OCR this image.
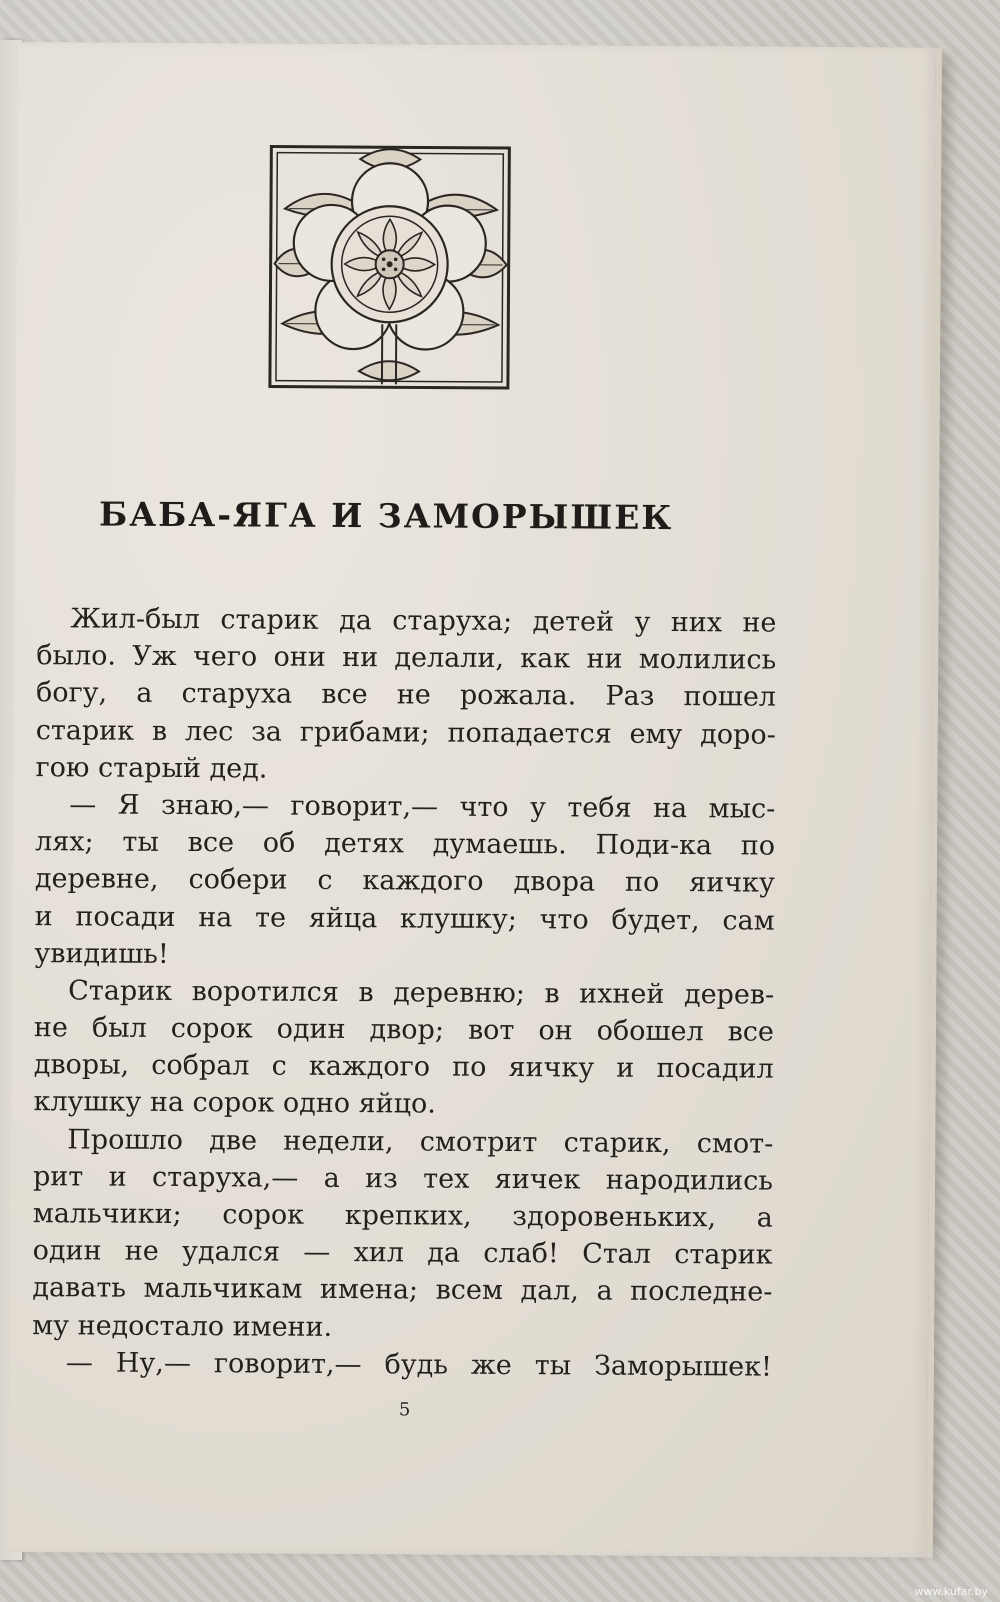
БАБА-ЯГА И ЗАМОРЫШЕК
Жил-был старик да старуха; детей у них не
было. Уж чего они ни делали, как ни молились
богу, а старуха все не рожала. Раз пошел
старик в лес за грибами; попадается ему доро-
гою старый дед.
— Я знаю,— говорит,— что у тебя на мыс-
лях; ты все об детях думаешь. Поди-ка по
деревне, собери с каждого двора по яичку
и посади на те яйца клушку; что будет, сам
увидишь!
Старик воротился в деревню; в ихней дерев-
не был сорок один двор; вот он обошел все
дворы, собрал с каждого по яичку и посадил
клушку на сорок одно яйцо.
Прошло две недели, смотрит старик, смот-
рит и старуха,— а из тех яичек народились
мальчики; сорок крепких, здоровеньких, а
один не удался — хил да слаб! Стал старик
давать мальчикам имена; всем дал, а последне-
му недостало имени.
— Ну,— говорит,— будь же ты Заморышек!
5
www.kufar.by
